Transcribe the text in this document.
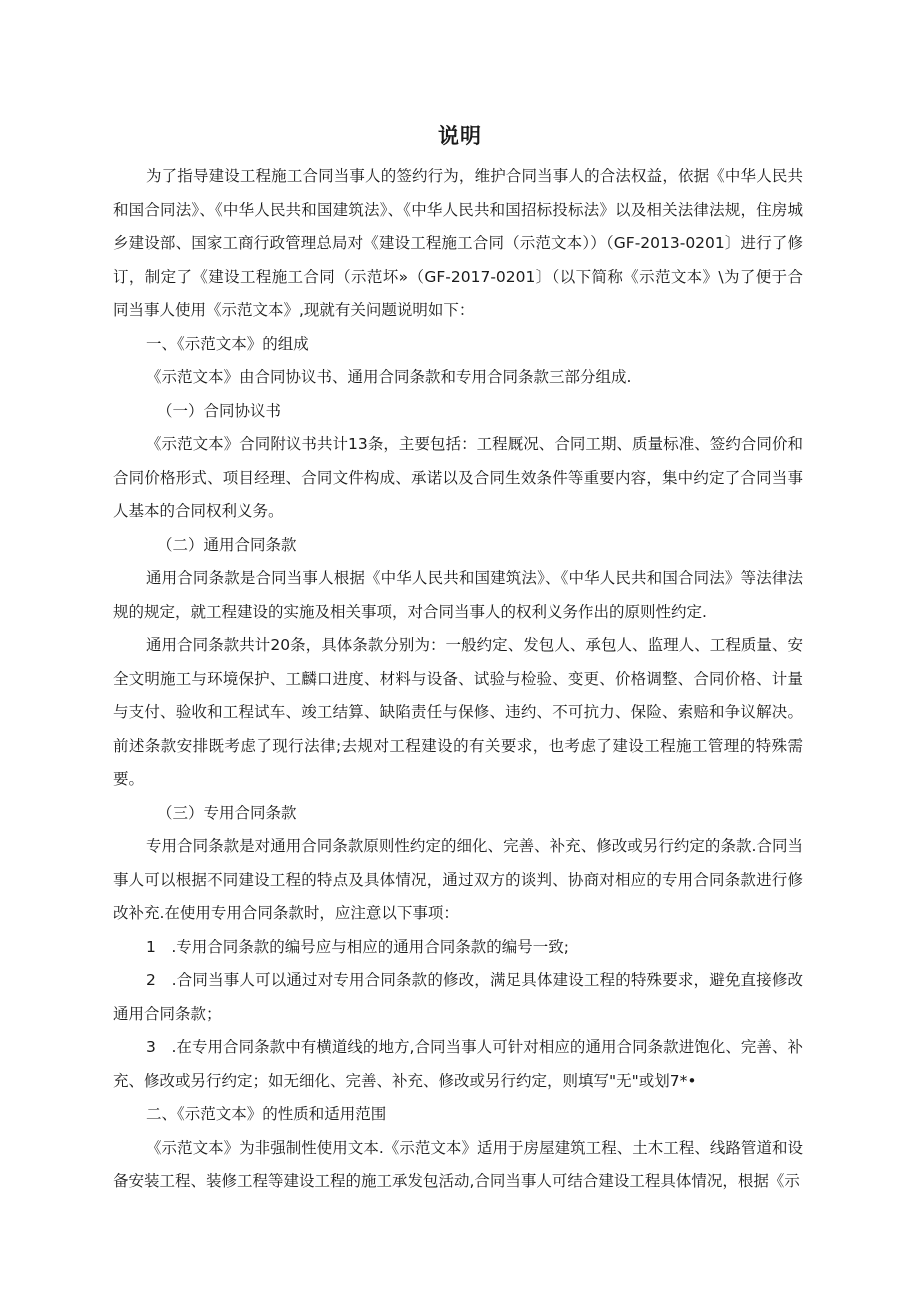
说明

为了指导建设工程施工合同当事人的签约行为，维护合同当事人的合法权益，依据《中华人民共和国合同法》、《中华人民共和国建筑法》、《中华人民共和国招标投标法》以及相关法律法规，住房城乡建设部、国家工商行政管理总局对《建设工程施工合同（示范文本））（GF-2013-0201〕进行了修订，制定了《建设工程施工合同（示范坏»（GF-2017-0201〕（以下简称《示范文本》\为了便于合同当事人使用《示范文本》,现就有关问题说明如下：

一、《示范文本》的组成

《示范文本》由合同协议书、通用合同条款和专用合同条款三部分组成.

（一）合同协议书

《示范文本》合同附议书共计13条，主要包括：工程厩况、合同工期、质量标准、签约合同价和合同价格形式、项目经理、合同文件构成、承诺以及合同生效条件等重要内容，集中约定了合同当事人基本的合同权利义务。

（二）通用合同条款

通用合同条款是合同当事人根据《中华人民共和国建筑法》、《中华人民共和国合同法》等法律法规的规定，就工程建设的实施及相关事项，对合同当事人的权利义务作出的原则性约定.

通用合同条款共计20条，具体条款分别为：一般约定、发包人、承包人、监理人、工程质量、安全文明施工与环境保护、工麟口进度、材料与设备、试验与检验、变更、价格调整、合同价格、计量与支付、验收和工程试车、竣工结算、缺陷责任与保修、违约、不可抗力、保险、索赔和争议解决。前述条款安排既考虑了现行法律;去规对工程建设的有关要求，也考虑了建设工程施工管理的特殊需要。

（三）专用合同条款

专用合同条款是对通用合同条款原则性约定的细化、完善、补充、修改或另行约定的条款.合同当事人可以根据不同建设工程的特点及具体情况，通过双方的谈判、协商对相应的专用合同条款进行修改补充.在使用专用合同条款时，应注意以下事项：

1　.专用合同条款的编号应与相应的通用合同条款的编号一致;

2　.合同当事人可以通过对专用合同条款的修改，满足具体建设工程的特殊要求，避免直接修改通用合同条款；

3　.在专用合同条款中有横道线的地方,合同当事人可针对相应的通用合同条款进饱化、完善、补充、修改或另行约定；如无细化、完善、补充、修改或另行约定，则填写"无"或划7*•

二、《示范文本》的性质和适用范围

《示范文本》为非强制性使用文本.《示范文本》适用于房屋建筑工程、土木工程、线路管道和设备安装工程、装修工程等建设工程的施工承发包活动,合同当事人可结合建设工程具体情况，根据《示
